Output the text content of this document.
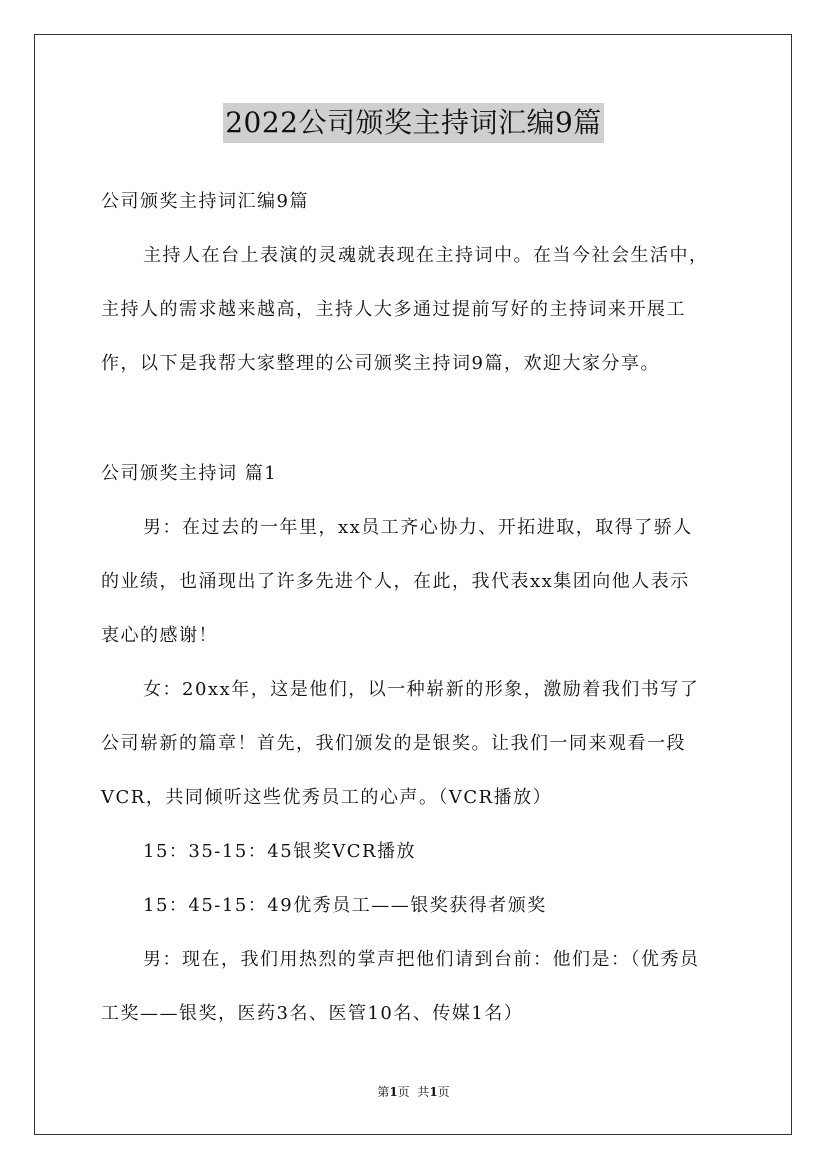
2022公司颁奖主持词汇编9篇

公司颁奖主持词汇编9篇

主持人在台上表演的灵魂就表现在主持词中。在当今社会生活中，

主持人的需求越来越高，主持人大多通过提前写好的主持词来开展工

作，以下是我帮大家整理的公司颁奖主持词9篇，欢迎大家分享。

公司颁奖主持词 篇1

男：在过去的一年里，xx员工齐心协力、开拓进取，取得了骄人

的业绩，也涌现出了许多先进个人，在此，我代表xx集团向他人表示

衷心的感谢！

女：20xx年，这是他们，以一种崭新的形象，激励着我们书写了

公司崭新的篇章！首先，我们颁发的是银奖。让我们一同来观看一段

VCR，共同倾听这些优秀员工的心声。（VCR播放）

15：35-15：45银奖VCR播放

15：45-15：49优秀员工——银奖获得者颁奖

男：现在，我们用热烈的掌声把他们请到台前：他们是：（优秀员

工奖——银奖，医药3名、医管10名、传媒1名）

第1页  共1页
